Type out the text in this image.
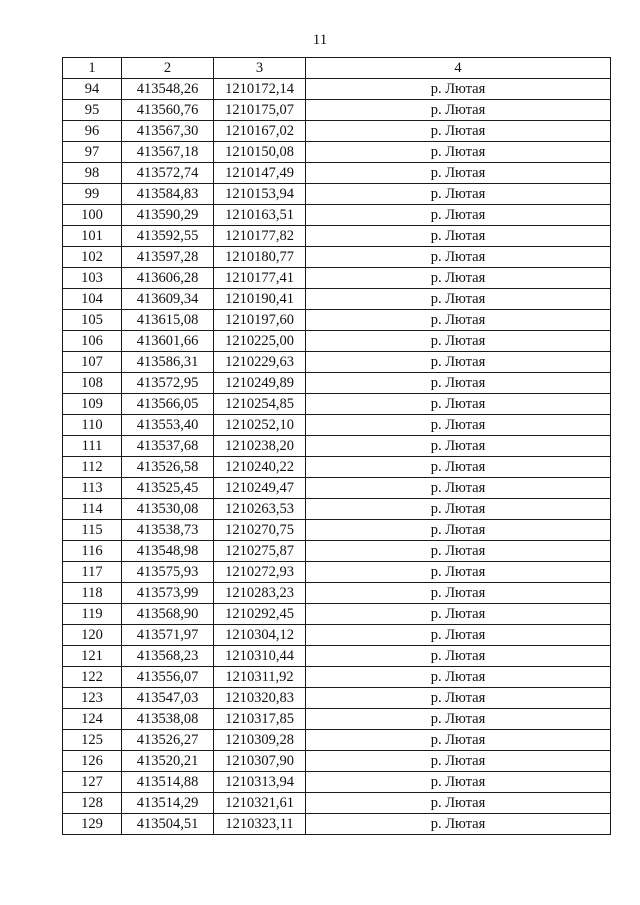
11
1	2	3	4
94	413548,26	1210172,14	р. Лютая
95	413560,76	1210175,07	р. Лютая
96	413567,30	1210167,02	р. Лютая
97	413567,18	1210150,08	р. Лютая
98	413572,74	1210147,49	р. Лютая
99	413584,83	1210153,94	р. Лютая
100	413590,29	1210163,51	р. Лютая
101	413592,55	1210177,82	р. Лютая
102	413597,28	1210180,77	р. Лютая
103	413606,28	1210177,41	р. Лютая
104	413609,34	1210190,41	р. Лютая
105	413615,08	1210197,60	р. Лютая
106	413601,66	1210225,00	р. Лютая
107	413586,31	1210229,63	р. Лютая
108	413572,95	1210249,89	р. Лютая
109	413566,05	1210254,85	р. Лютая
110	413553,40	1210252,10	р. Лютая
111	413537,68	1210238,20	р. Лютая
112	413526,58	1210240,22	р. Лютая
113	413525,45	1210249,47	р. Лютая
114	413530,08	1210263,53	р. Лютая
115	413538,73	1210270,75	р. Лютая
116	413548,98	1210275,87	р. Лютая
117	413575,93	1210272,93	р. Лютая
118	413573,99	1210283,23	р. Лютая
119	413568,90	1210292,45	р. Лютая
120	413571,97	1210304,12	р. Лютая
121	413568,23	1210310,44	р. Лютая
122	413556,07	1210311,92	р. Лютая
123	413547,03	1210320,83	р. Лютая
124	413538,08	1210317,85	р. Лютая
125	413526,27	1210309,28	р. Лютая
126	413520,21	1210307,90	р. Лютая
127	413514,88	1210313,94	р. Лютая
128	413514,29	1210321,61	р. Лютая
129	413504,51	1210323,11	р. Лютая
